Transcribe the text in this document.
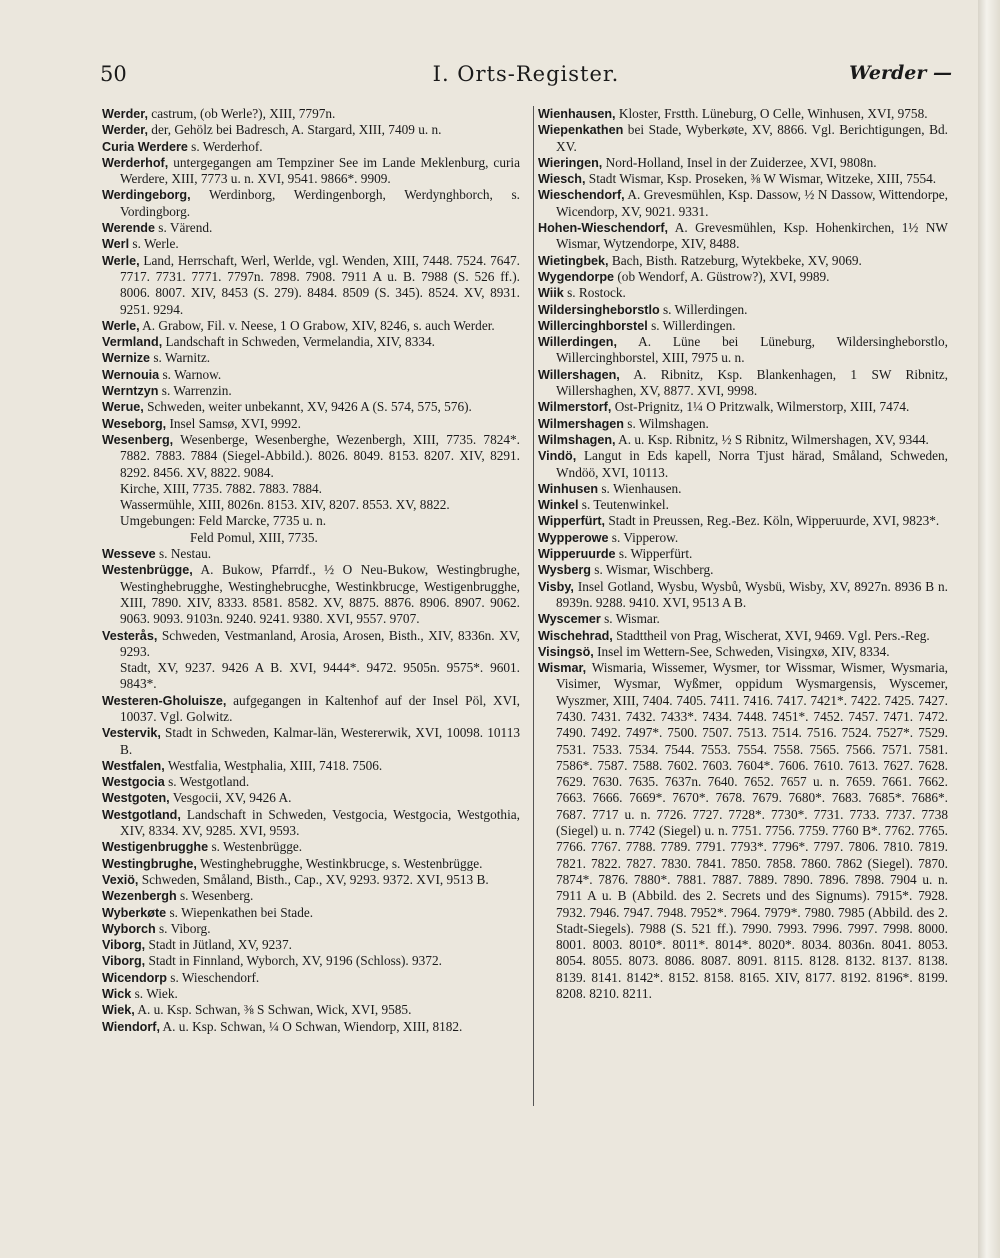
I. Orts-Register.
50	Werder —

Werder, castrum, (ob Werle?), XIII, 7797n.

Werder, der, Gehölz bei Badresch, A. Stargard, XIII, 7409 u. n.

Curia Werdere s. Werderhof.

Werderhof, untergegangen am Tempziner See im Lande Meklenburg, curia Werdere, XIII, 7773 u. n. XVI, 9541. 9866*. 9909.

Werdingeborg, Werdinborg, Werdingenborgh, Werdynghborch, s. Vordingborg.

Werende s. Värend.

Werl s. Werle.

Werle, Land, Herrschaft, Werl, Werlde, vgl. Wenden, XIII, 7448. 7524. 7647. 7717. 7731. 7771. 7797n. 7898. 7908. 7911 A u. B. 7988 (S. 526 ff.). 8006. 8007. XIV, 8453 (S. 279). 8484. 8509 (S. 345). 8524. XV, 8931. 9251. 9294.

Werle, A. Grabow, Fil. v. Neese, 1 O Grabow, XIV, 8246, s. auch Werder.

Vermland, Landschaft in Schweden, Vermelandia, XIV, 8334.

Wernize s. Warnitz.

Wernouia s. Warnow.

Werntzyn s. Warrenzin.

Werue, Schweden, weiter unbekannt, XV, 9426 A (S. 574, 575, 576).

Weseborg, Insel Samsø, XVI, 9992.

Wesenberg, Wesenberge, Wesenberghe, Wezenbergh, XIII, 7735. 7824*. 7882. 7883. 7884 (Siegel-Abbild.). 8026. 8049. 8153. 8207. XIV, 8291. 8292. 8456. XV, 8822. 9084.

Kirche, XIII, 7735. 7882. 7883. 7884.

Wassermühle, XIII, 8026n. 8153. XIV, 8207. 8553. XV, 8822.

Umgebungen: Feld Marcke, 7735 u. n.

Feld Pomul, XIII, 7735.

Wesseve s. Nestau.

Westenbrügge, A. Bukow, Pfarrdf., ½ O Neu-Bukow, Westingbrughe, Westinghebrugghe, Westinghebrucghe, Westinkbrucge, Westigenbrugghe, XIII, 7890. XIV, 8333. 8581. 8582. XV, 8875. 8876. 8906. 8907. 9062. 9063. 9093. 9103n. 9240. 9241. 9380. XVI, 9557. 9707.

Vesterås, Schweden, Vestmanland, Arosia, Arosen, Bisth., XIV, 8336n. XV, 9293.

Stadt, XV, 9237. 9426 A B. XVI, 9444*. 9472. 9505n. 9575*. 9601. 9843*.

Westeren-Gholuisze, aufgegangen in Kaltenhof auf der Insel Pöl, XVI, 10037. Vgl. Golwitz.

Vestervik, Stadt in Schweden, Kalmar-län, Westererwik, XVI, 10098. 10113 B.

Westfalen, Westfalia, Westphalia, XIII, 7418. 7506.

Westgocia s. Westgotland.

Westgoten, Vesgocii, XV, 9426 A.

Westgotland, Landschaft in Schweden, Vestgocia, Westgocia, Westgothia, XIV, 8334. XV, 9285. XVI, 9593.

Westigenbrugghe s. Westenbrügge.

Westingbrughe, Westinghebrugghe, Westinkbrucge, s. Westenbrügge.

Vexiö, Schweden, Småland, Bisth., Cap., XV, 9293. 9372. XVI, 9513 B.

Wezenbergh s. Wesenberg.

Wyberkøte s. Wiepenkathen bei Stade.

Wyborch s. Viborg.

Viborg, Stadt in Jütland, XV, 9237.

Viborg, Stadt in Finnland, Wyborch, XV, 9196 (Schloss). 9372.

Wicendorp s. Wieschendorf.

Wick s. Wiek.

Wiek, A. u. Ksp. Schwan, ⅜ S Schwan, Wick, XVI, 9585.

Wiendorf, A. u. Ksp. Schwan, ¼ O Schwan, Wiendorp, XIII, 8182.

Wienhausen, Kloster, Frstth. Lüneburg, O Celle, Winhusen, XVI, 9758.

Wiepenkathen bei Stade, Wyberkøte, XV, 8866. Vgl. Berichtigungen, Bd. XV.

Wieringen, Nord-Holland, Insel in der Zuiderzee, XVI, 9808n.

Wiesch, Stadt Wismar, Ksp. Proseken, ⅜ W Wismar, Witzeke, XIII, 7554.

Wieschendorf, A. Grevesmühlen, Ksp. Dassow, ½ N Dassow, Wittendorpe, Wicendorp, XV, 9021. 9331.

Hohen-Wieschendorf, A. Grevesmühlen, Ksp. Hohenkirchen, 1½ NW Wismar, Wytzendorpe, XIV, 8488.

Wietingbek, Bach, Bisth. Ratzeburg, Wytekbeke, XV, 9069.

Wygendorpe (ob Wendorf, A. Güstrow?), XVI, 9989.

Wiik s. Rostock.

Wildersingheborstlo s. Willerdingen.

Willercinghborstel s. Willerdingen.

Willerdingen, A. Lüne bei Lüneburg, Wildersingheborstlo, Willercinghborstel, XIII, 7975 u. n.

Willershagen, A. Ribnitz, Ksp. Blankenhagen, 1 SW Ribnitz, Willershaghen, XV, 8877. XVI, 9998.

Wilmerstorf, Ost-Prignitz, 1¼ O Pritzwalk, Wilmerstorp, XIII, 7474.

Wilmershagen s. Wilmshagen.

Wilmshagen, A. u. Ksp. Ribnitz, ½ S Ribnitz, Wilmershagen, XV, 9344.

Vindö, Langut in Eds kapell, Norra Tjust härad, Småland, Schweden, Wndöö, XVI, 10113.

Winhusen s. Wienhausen.

Winkel s. Teutenwinkel.

Wipperfürt, Stadt in Preussen, Reg.-Bez. Köln, Wipperuurde, XVI, 9823*.

Wypperowe s. Vipperow.

Wipperuurde s. Wipperfürt.

Wysberg s. Wismar, Wischberg.

Visby, Insel Gotland, Wysbu, Wysbů, Wysbü, Wisby, XV, 8927n. 8936 B n. 8939n. 9288. 9410. XVI, 9513 A B.

Wyscemer s. Wismar.

Wischehrad, Stadttheil von Prag, Wischerat, XVI, 9469. Vgl. Pers.-Reg.

Visingsö, Insel im Wettern-See, Schweden, Visingxø, XIV, 8334.

Wismar, Wismaria, Wissemer, Wysmer, tor Wissmar, Wismer, Wysmaria, Visimer, Wysmar, Wyßmer, oppidum Wysmargensis, Wyscemer, Wyszmer, XIII, 7404. 7405. 7411. 7416. 7417. 7421*. 7422. 7425. 7427. 7430. 7431. 7432. 7433*. 7434. 7448. 7451*. 7452. 7457. 7471. 7472. 7490. 7492. 7497*. 7500. 7507. 7513. 7514. 7516. 7524. 7527*. 7529. 7531. 7533. 7534. 7544. 7553. 7554. 7558. 7565. 7566. 7571. 7581. 7586*. 7587. 7588. 7602. 7603. 7604*. 7606. 7610. 7613. 7627. 7628. 7629. 7630. 7635. 7637n. 7640. 7652. 7657 u. n. 7659. 7661. 7662. 7663. 7666. 7669*. 7670*. 7678. 7679. 7680*. 7683. 7685*. 7686*. 7687. 7717 u. n. 7726. 7727. 7728*. 7730*. 7731. 7733. 7737. 7738 (Siegel) u. n. 7742 (Siegel) u. n. 7751. 7756. 7759. 7760 B*. 7762. 7765. 7766. 7767. 7788. 7789. 7791. 7793*. 7796*. 7797. 7806. 7810. 7819. 7821. 7822. 7827. 7830. 7841. 7850. 7858. 7860. 7862 (Siegel). 7870. 7874*. 7876. 7880*. 7881. 7887. 7889. 7890. 7896. 7898. 7904 u. n. 7911 A u. B (Abbild. des 2. Secrets und des Signums). 7915*. 7928. 7932. 7946. 7947. 7948. 7952*. 7964. 7979*. 7980. 7985 (Abbild. des 2. Stadt-Siegels). 7988 (S. 521 ff.). 7990. 7993. 7996. 7997. 7998. 8000. 8001. 8003. 8010*. 8011*. 8014*. 8020*. 8034. 8036n. 8041. 8053. 8054. 8055. 8073. 8086. 8087. 8091. 8115. 8128. 8132. 8137. 8138. 8139. 8141. 8142*. 8152. 8158. 8165. XIV, 8177. 8192. 8196*. 8199. 8208. 8210. 8211.
